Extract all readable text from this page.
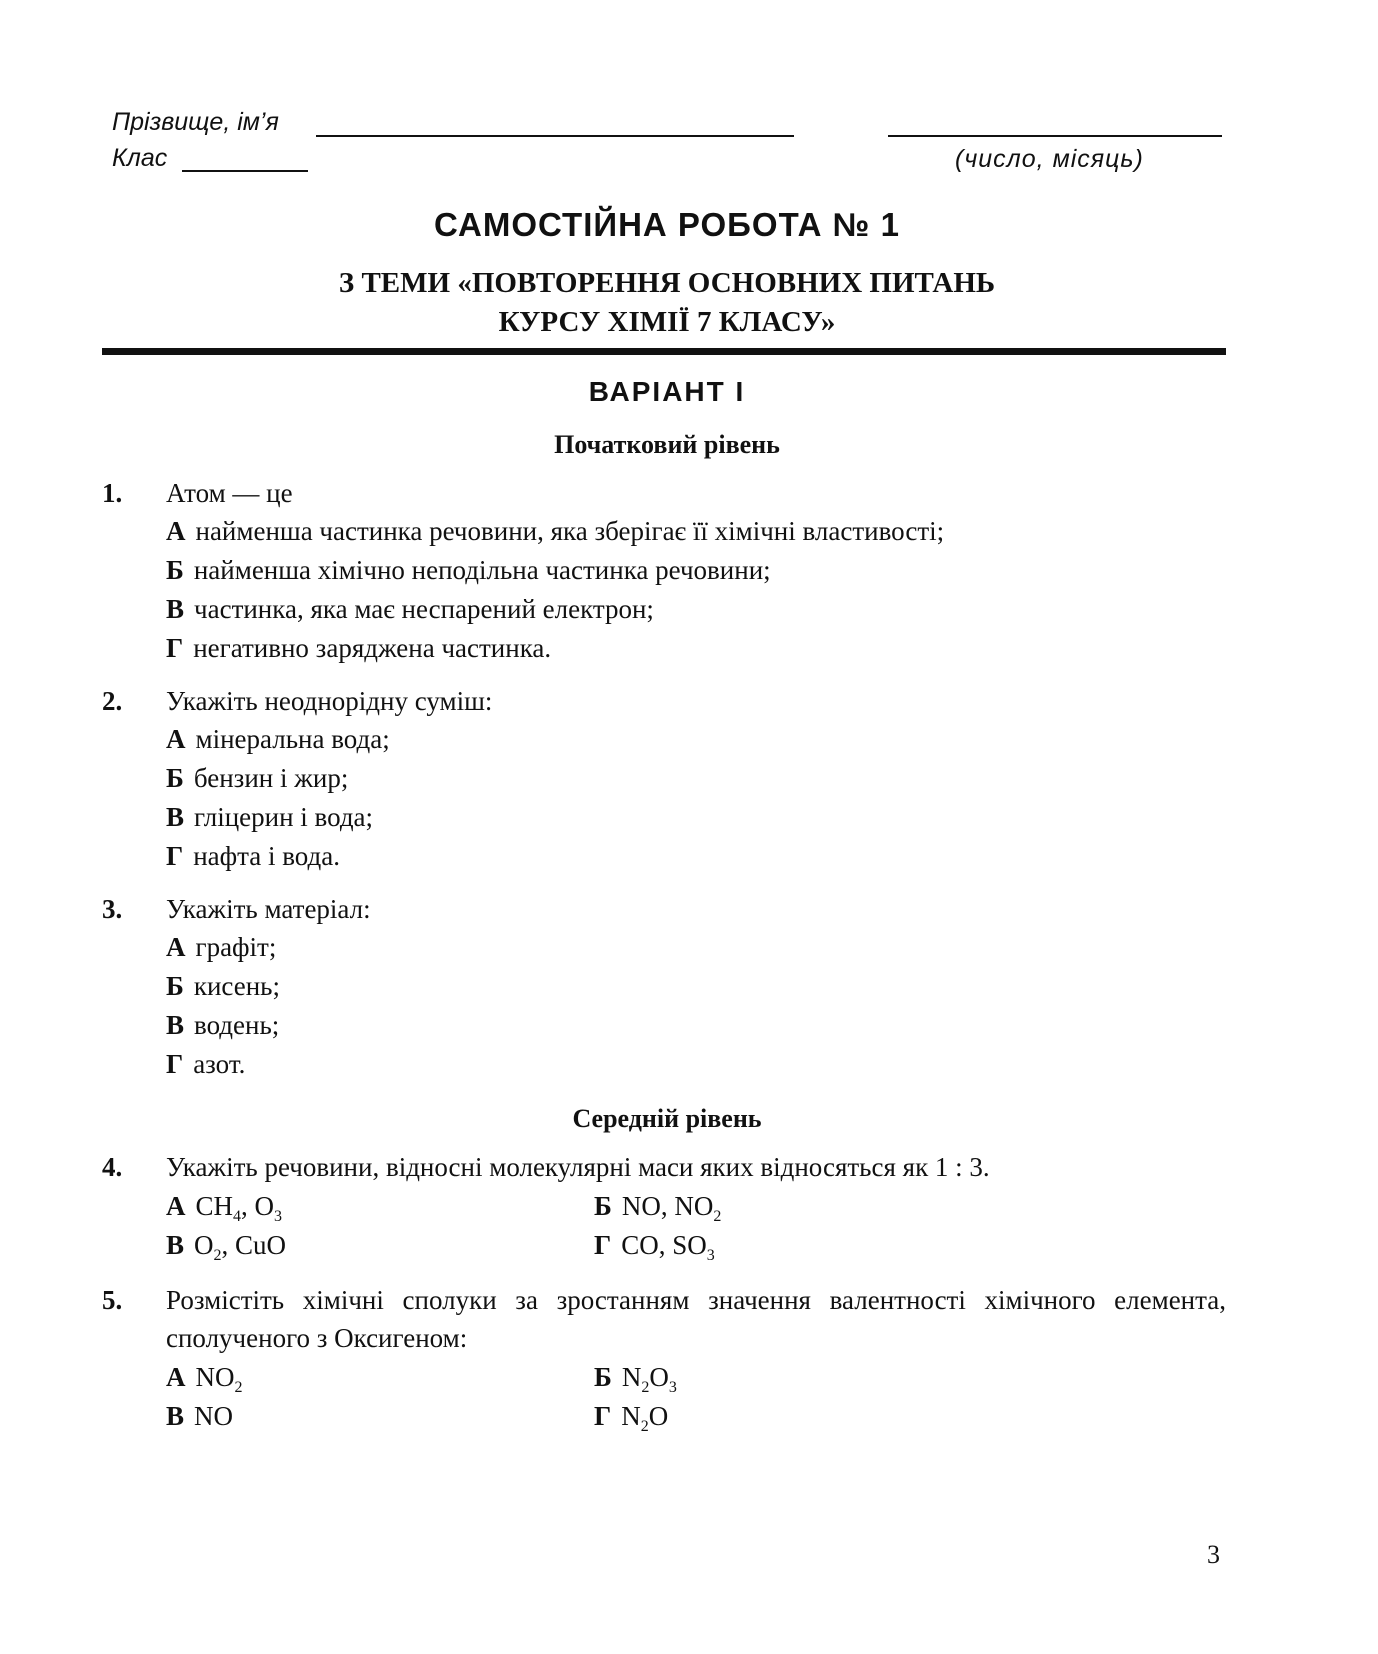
Прізвище, ім’я
Клас	(число, місяць)
САМОСТІЙНА РОБОТА № 1
З ТЕМИ «ПОВТОРЕННЯ ОСНОВНИХ ПИТАНЬ
КУРСУ ХІМІЇ 7 КЛАСУ»
ВАРІАНТ І
Початковий рівень
1. Атом — це
А найменша частинка речовини, яка зберігає її хімічні властивості;
Б найменша хімічно неподільна частинка речовини;
В частинка, яка має неспарений електрон;
Г негативно заряджена частинка.
2. Укажіть неоднорідну суміш:
А мінеральна вода;
Б бензин і жир;
В гліцерин і вода;
Г нафта і вода.
3. Укажіть матеріал:
А графіт;
Б кисень;
В водень;
Г азот.
Середній рівень
4. Укажіть речовини, відносні молекулярні маси яких відносяться як 1 : 3.
А $CH_4$, $O_3$	Б NO, $NO_2$
В $O_2$, CuO	Г CO, $SO_3$
5. Розмістіть хімічні сполуки за зростанням значення валентності хімічного елемента, сполученого з Оксигеном:
А $NO_2$	Б $N_2O_3$
В NO	Г $N_2O$
3
